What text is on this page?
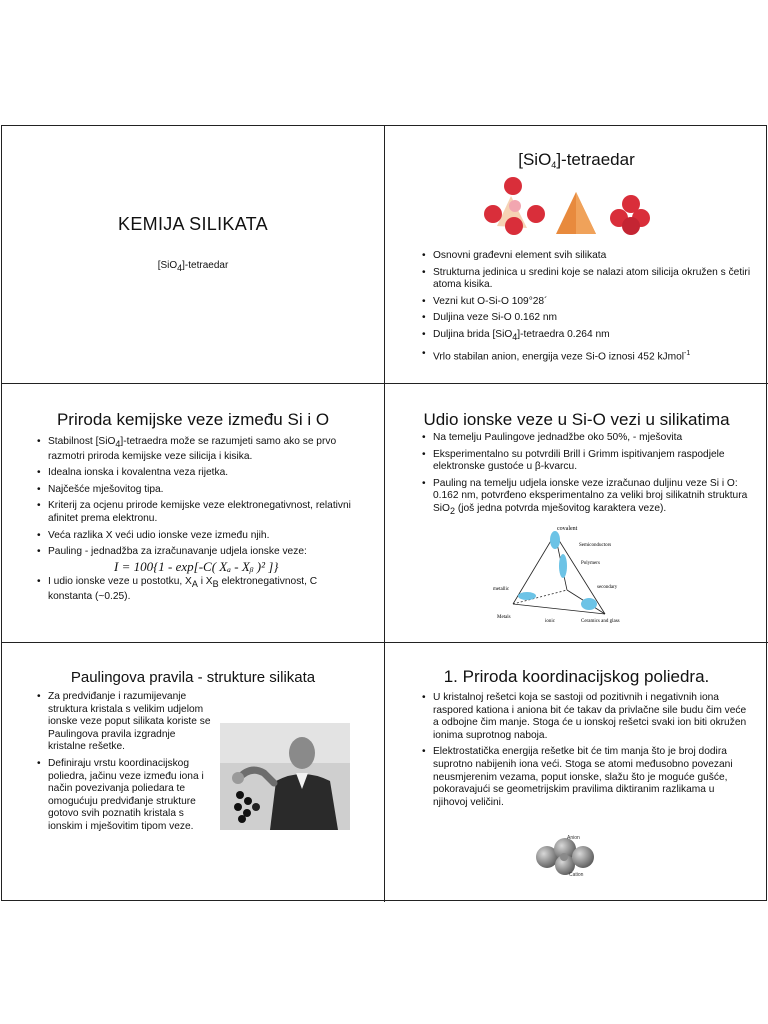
KEMIJA SILIKATA
[SiO4]-tetraedar
[SiO$_4$]-tetraedar
• Osnovni građevni element svih silikata
• Strukturna jedinica u sredini koje se nalazi atom silicija okružen s četiri atoma kisika.
• Vezni kut O-Si-O 109°28´
• Duljina veze Si-O 0.162 nm
• Duljina brida [SiO4]-tetraedra 0.264 nm
• Vrlo stabilan anion, energija veze Si-O iznosi 452 kJmol$^{-1}$
Priroda kemijske veze između Si i O
• Stabilnost [SiO4]-tetraedra može se razumjeti samo ako se prvo razmotri priroda kemijske veze silicija i kisika.
• Idealna ionska i kovalentna veza rijetka.
• Najčešće mješovitog tipa.
• Kriterij za ocjenu prirode kemijske veze elektronegativnost, relativni afinitet prema elektronu.
• Veća razlika X veći udio ionske veze između njih.
• Pauling - jednadžba za izračunavanje udjela ionske veze:
I = 100{1 - exp[-C( Xₐ - Xᵦ )² ]}
• I udio ionske veze u postotku, XA i XB elektronegativnost, C konstanta (~0.25).
Udio ionske veze u Si-O vezi u silikatima
• Na temelju Paulingove jednadžbe oko 50%, - mješovita
• Eksperimentalno su potvrdili Brill i Grimm ispitivanjem raspodjele elektronske gustoće u β-kvarcu.
• Pauling na temelju udjela ionske veze izračunao duljinu veze Si i O: 0.162 nm, potvrđeno eksperimentalno za veliki broj silikatnih struktura SiO2 (još jedna potvrda mješovitog karaktera veze).
covalent
Semiconductors
Polymers
metallic	secondary
Metals
ionic	Ceramics and glass
Paulingova pravila - strukture silikata
• Za predviđanje i razumijevanje struktura kristala s velikim udjelom ionske veze poput silikata koriste se Paulingova pravila izgradnje kristalne rešetke.
• Definiraju vrstu koordinacijskog poliedra, jačinu veze između iona i način povezivanja poliedara te omogućuju predviđanje strukture gotovo svih poznatih kristala s ionskim i mješovitim tipom veze.
1. Priroda koordinacijskog poliedra.
• U kristalnoj rešetci koja se sastoji od pozitivnih i negativnih iona raspored kationa i aniona bit će takav da privlačne sile budu čim veće a odbojne čim manje. Stoga će u ionskoj rešetci svaki ion biti okružen ionima suprotnog naboja.
• Elektrostatička energija rešetke bit će tim manja što je broj dodira suprotno nabijenih iona veći. Stoga se atomi međusobno povezani neusmjerenim vezama, poput ionske, slažu što je moguće gušće, pokoravajući se geometrijskim pravilima diktiranim razlikama u njihovoj veličini.
Anion
Cation
